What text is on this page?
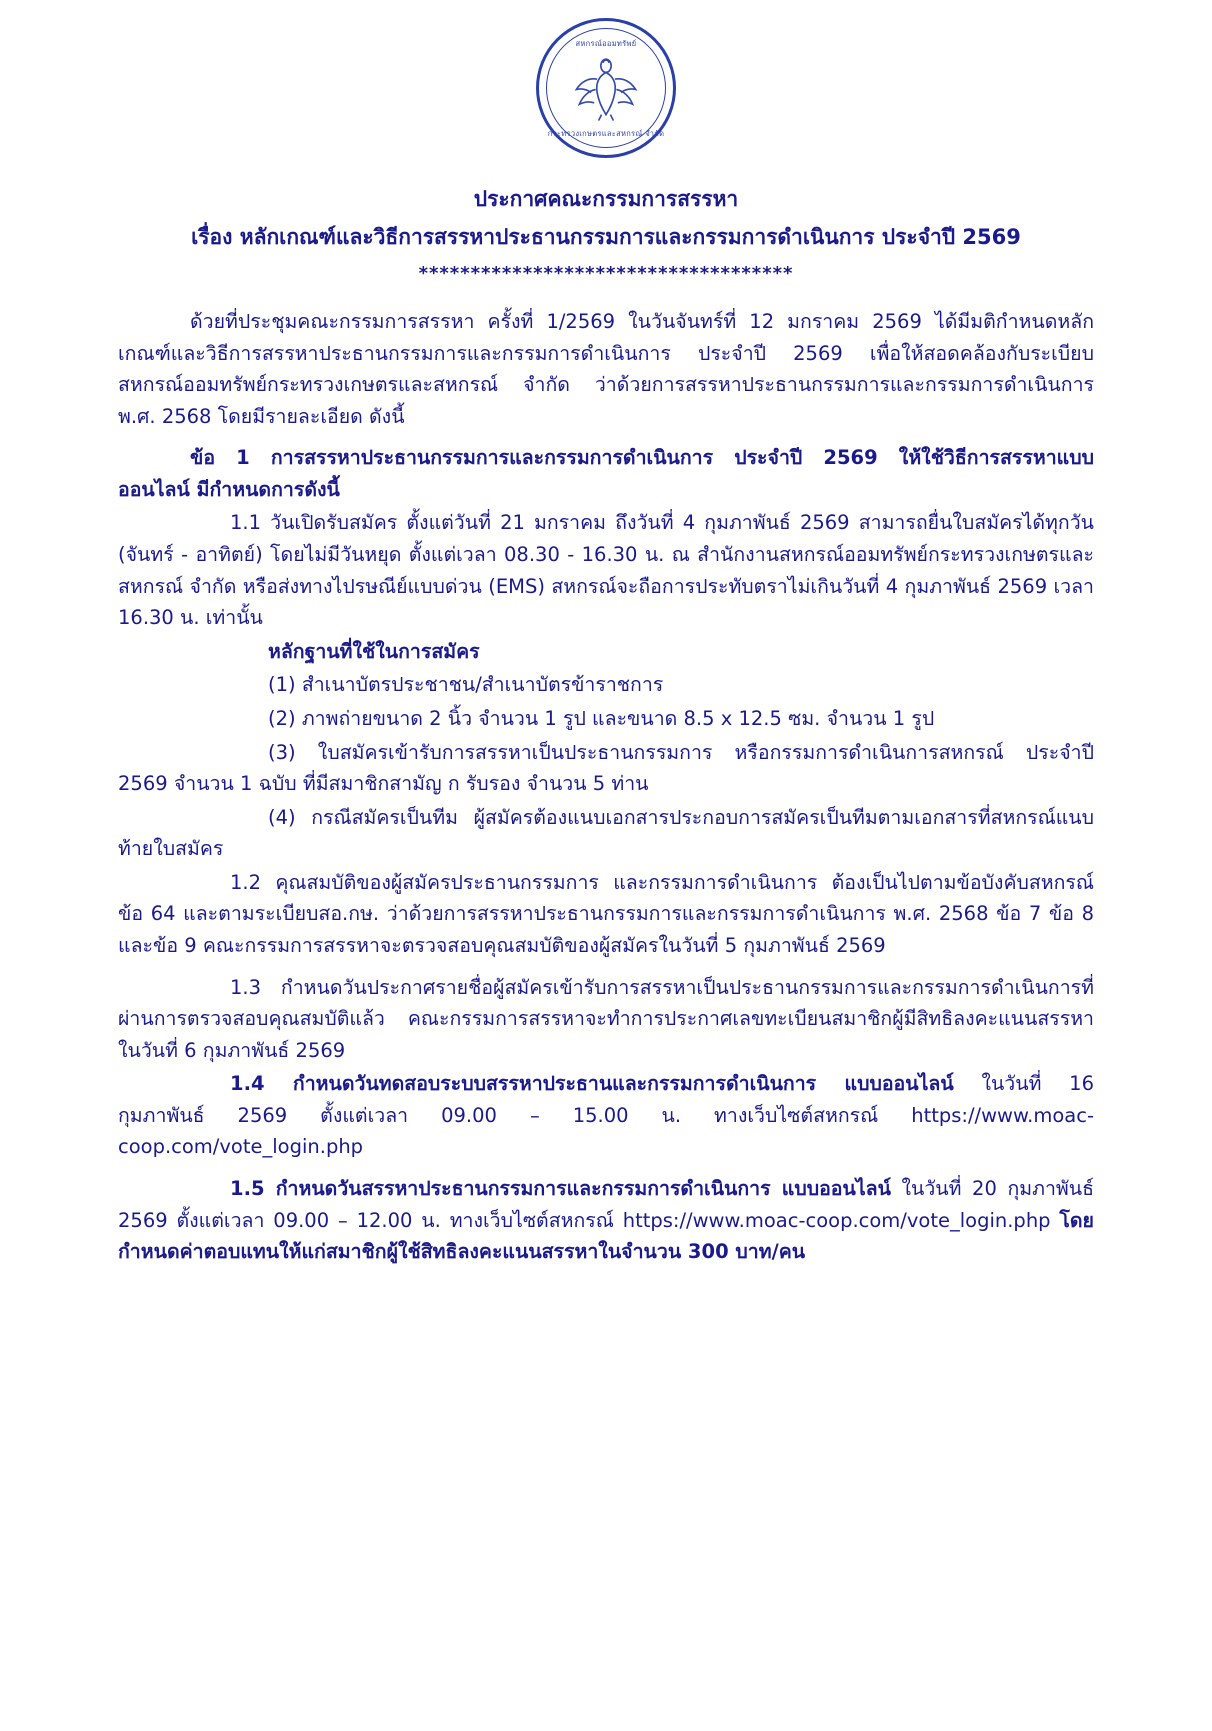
สหกรณ์ออมทรัพย์
กระทรวงเกษตรและสหกรณ์ จำกัด
ประกาศคณะกรรมการสรรหา
เรื่อง หลักเกณฑ์และวิธีการสรรหาประธานกรรมการและกรรมการดำเนินการ ประจำปี 2569
************************************

ด้วยที่ประชุมคณะกรรมการสรรหา ครั้งที่ 1/2569 ในวันจันทร์ที่ 12 มกราคม 2569 ได้มีมติกำหนดหลักเกณฑ์และวิธีการสรรหาประธานกรรมการและกรรมการดำเนินการ ประจำปี 2569 เพื่อให้สอดคล้องกับระเบียบสหกรณ์ออมทรัพย์กระทรวงเกษตรและสหกรณ์ จำกัด ว่าด้วยการสรรหาประธานกรรมการและกรรมการดำเนินการ พ.ศ. 2568 โดยมีรายละเอียด ดังนี้

ข้อ 1 การสรรหาประธานกรรมการและกรรมการดำเนินการ ประจำปี 2569 ให้ใช้วิธีการสรรหาแบบออนไลน์ มีกำหนดการดังนี้

1.1 วันเปิดรับสมัคร ตั้งแต่วันที่ 21 มกราคม ถึงวันที่ 4 กุมภาพันธ์ 2569 สามารถยื่นใบสมัครได้ทุกวัน (จันทร์ - อาทิตย์) โดยไม่มีวันหยุด ตั้งแต่เวลา 08.30 - 16.30 น. ณ สำนักงานสหกรณ์ออมทรัพย์กระทรวงเกษตรและสหกรณ์ จำกัด หรือส่งทางไปรษณีย์แบบด่วน (EMS) สหกรณ์จะถือการประทับตราไม่เกินวันที่ 4 กุมภาพันธ์ 2569 เวลา 16.30 น. เท่านั้น

หลักฐานที่ใช้ในการสมัคร

(1) สำเนาบัตรประชาชน/สำเนาบัตรข้าราชการ

(2) ภาพถ่ายขนาด 2 นิ้ว จำนวน 1 รูป และขนาด 8.5 x 12.5 ซม. จำนวน 1 รูป

(3) ใบสมัครเข้ารับการสรรหาเป็นประธานกรรมการ หรือกรรมการดำเนินการสหกรณ์ ประจำปี 2569 จำนวน 1 ฉบับ ที่มีสมาชิกสามัญ ก รับรอง จำนวน 5 ท่าน

(4) กรณีสมัครเป็นทีม ผู้สมัครต้องแนบเอกสารประกอบการสมัครเป็นทีมตามเอกสารที่สหกรณ์แนบท้ายใบสมัคร

1.2 คุณสมบัติของผู้สมัครประธานกรรมการ และกรรมการดำเนินการ ต้องเป็นไปตามข้อบังคับสหกรณ์ ข้อ 64 และตามระเบียบสอ.กษ. ว่าด้วยการสรรหาประธานกรรมการและกรรมการดำเนินการ พ.ศ. 2568 ข้อ 7 ข้อ 8 และข้อ 9 คณะกรรมการสรรหาจะตรวจสอบคุณสมบัติของผู้สมัครในวันที่ 5 กุมภาพันธ์ 2569

1.3 กำหนดวันประกาศรายชื่อผู้สมัครเข้ารับการสรรหาเป็นประธานกรรมการและกรรมการดำเนินการที่ผ่านการตรวจสอบคุณสมบัติแล้ว คณะกรรมการสรรหาจะทำการประกาศเลขทะเบียนสมาชิกผู้มีสิทธิลงคะแนนสรรหา ในวันที่ 6 กุมภาพันธ์ 2569

1.4 กำหนดวันทดสอบระบบสรรหาประธานและกรรมการดำเนินการ แบบออนไลน์ ในวันที่ 16 กุมภาพันธ์ 2569 ตั้งแต่เวลา 09.00 – 15.00 น. ทางเว็บไซต์สหกรณ์ https://www.moac-coop.com/vote_login.php

1.5 กำหนดวันสรรหาประธานกรรมการและกรรมการดำเนินการ แบบออนไลน์ ในวันที่ 20 กุมภาพันธ์ 2569 ตั้งแต่เวลา 09.00 – 12.00 น. ทางเว็บไซต์สหกรณ์ https://www.moac-coop.com/vote_login.php โดยกำหนดค่าตอบแทนให้แก่สมาชิกผู้ใช้สิทธิลงคะแนนสรรหาในจำนวน 300 บาท/คน
